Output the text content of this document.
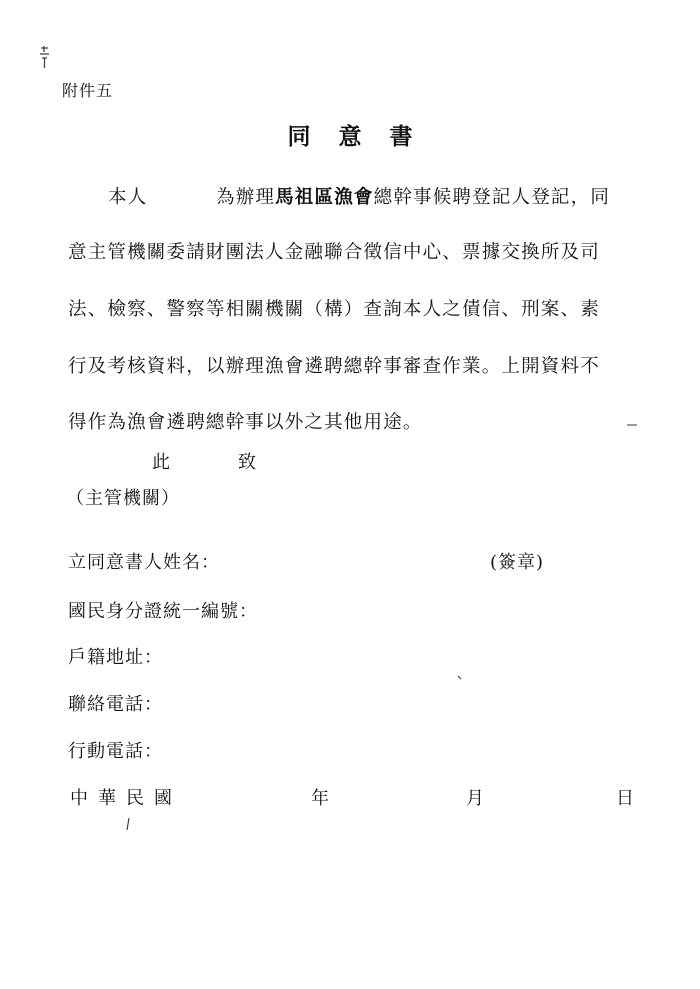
附件五
同意書
本人	為辦理馬祖區漁會總幹事候聘登記人登記，同
意主管機關委請財團法人金融聯合徵信中心、票據交換所及司
法、檢察、警察等相關機關（構）查詢本人之債信、刑案、素
行及考核資料，以辦理漁會遴聘總幹事審查作業。上開資料不
得作為漁會遴聘總幹事以外之其他用途。
此	致
（主管機關）
立同意書人姓名：	(簽章)
國民身分證統一編號：
戶籍地址：
聯絡電話：
行動電話：
中華民國	年	月	日
